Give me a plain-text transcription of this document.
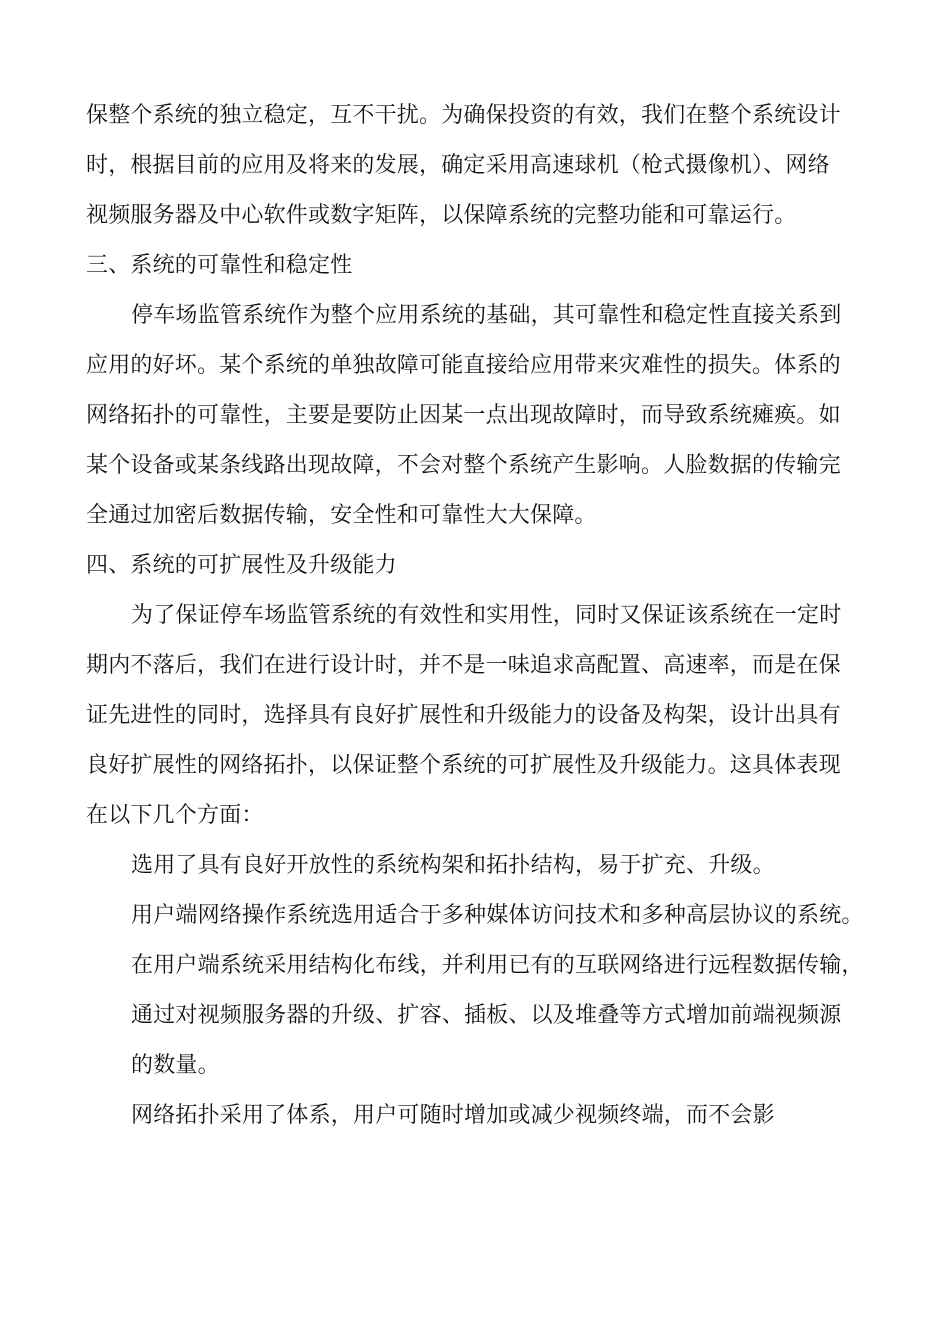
保整个系统的独立稳定，互不干扰。为确保投资的有效，我们在整个系统设计
时，根据目前的应用及将来的发展，确定采用高速球机（枪式摄像机）、网络
视频服务器及中心软件或数字矩阵，以保障系统的完整功能和可靠运行。
三、系统的可靠性和稳定性
停车场监管系统作为整个应用系统的基础，其可靠性和稳定性直接关系到
应用的好坏。某个系统的单独故障可能直接给应用带来灾难性的损失。体系的
网络拓扑的可靠性，主要是要防止因某一点出现故障时，而导致系统瘫痪。如
某个设备或某条线路出现故障，不会对整个系统产生影响。人脸数据的传输完
全通过加密后数据传输，安全性和可靠性大大保障。
四、系统的可扩展性及升级能力
为了保证停车场监管系统的有效性和实用性，同时又保证该系统在一定时
期内不落后，我们在进行设计时，并不是一味追求高配置、高速率，而是在保
证先进性的同时，选择具有良好扩展性和升级能力的设备及构架，设计出具有
良好扩展性的网络拓扑，以保证整个系统的可扩展性及升级能力。这具体表现
在以下几个方面：
选用了具有良好开放性的系统构架和拓扑结构，易于扩充、升级。
用户端网络操作系统选用适合于多种媒体访问技术和多种高层协议的系统。
在用户端系统采用结构化布线，并利用已有的互联网络进行远程数据传输，
通过对视频服务器的升级、扩容、插板、以及堆叠等方式增加前端视频源
的数量。
网络拓扑采用了体系，用户可随时增加或减少视频终端，而不会影
